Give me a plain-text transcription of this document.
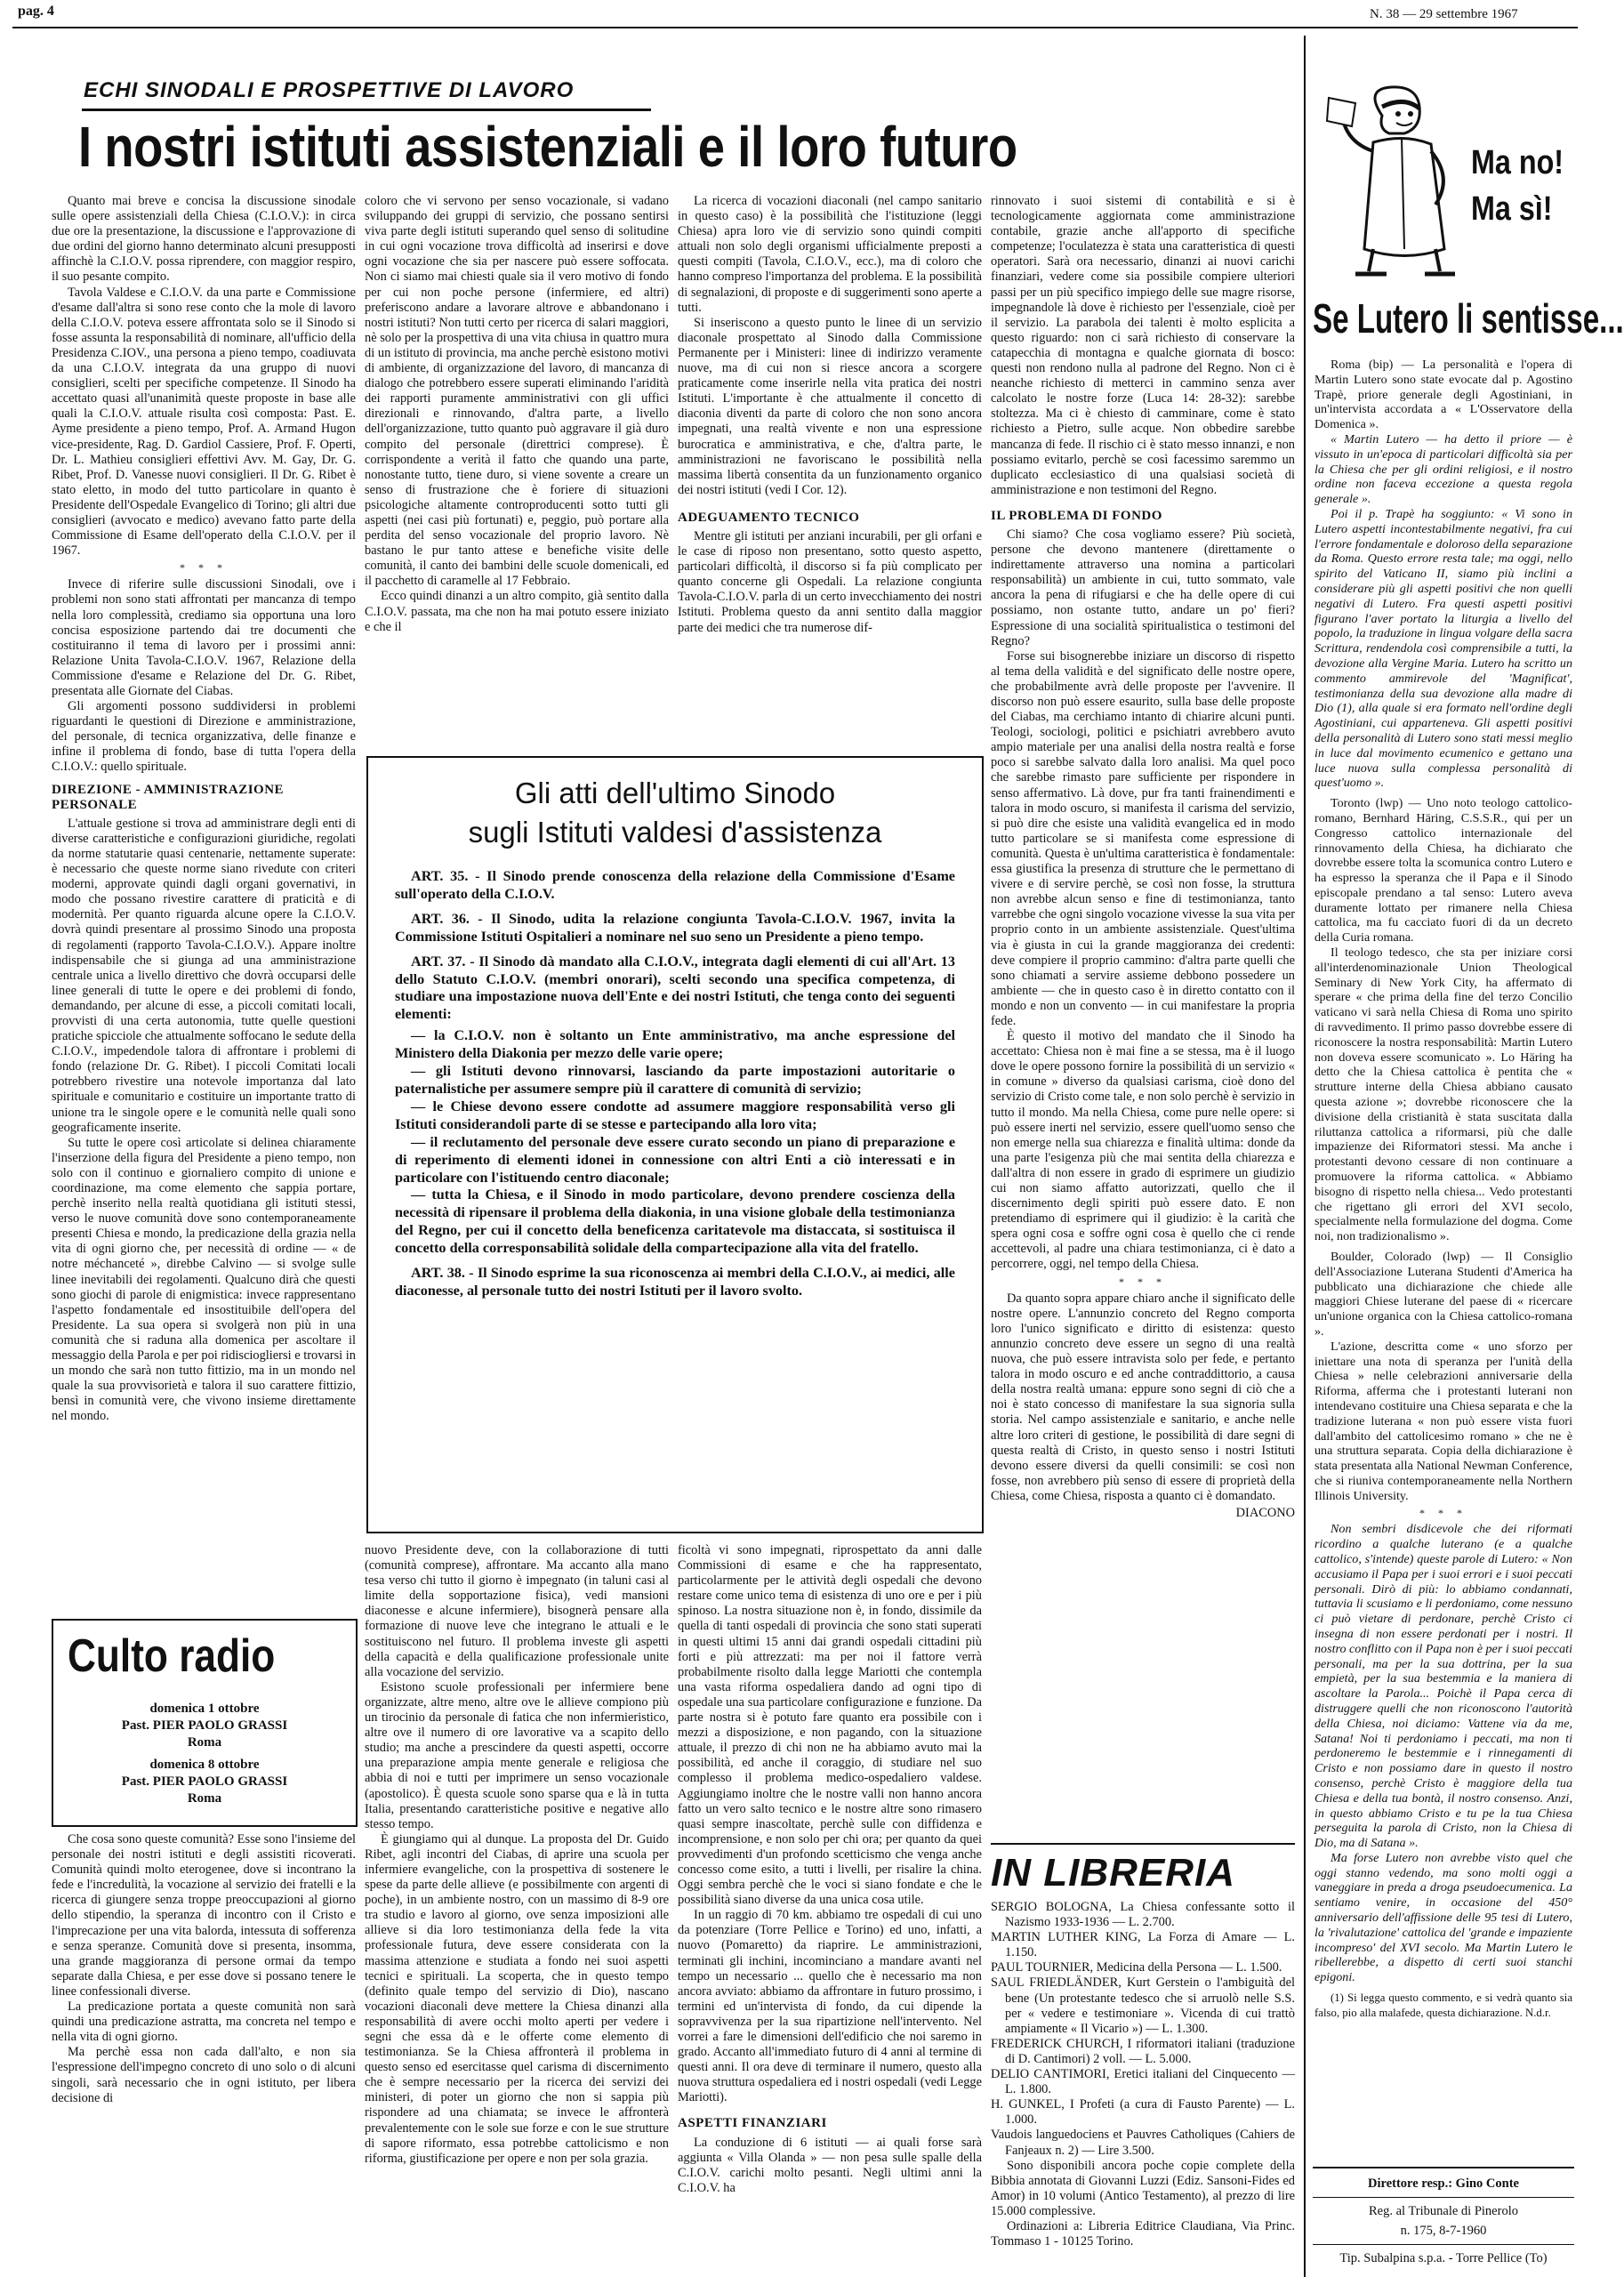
pag. 4	N. 38 — 29 settembre 1967
ECHI SINODALI E PROSPETTIVE DI LAVORO
I nostri istituti assistenziali e il loro futuro

Quanto mai breve e concisa la discussione sinodale sulle opere assistenziali della Chiesa (C.I.O.V.): in circa due ore la presentazione, la discussione e l'approvazione di due ordini del giorno hanno determinato alcuni presupposti affinchè la C.I.O.V. possa riprendere, con maggior respiro, il suo pesante compito.

Tavola Valdese e C.I.O.V. da una parte e Commissione d'esame dall'altra si sono rese conto che la mole di lavoro della C.I.O.V. poteva essere affrontata solo se il Sinodo si fosse assunta la responsabilità di nominare, all'ufficio della Presidenza C.IOV., una persona a pieno tempo, coadiuvata da una C.I.O.V. integrata da una gruppo di nuovi consiglieri, scelti per specifiche competenze. Il Sinodo ha accettato quasi all'unanimità queste proposte in base alle quali la C.I.O.V. attuale risulta così composta: Past. E. Ayme presidente a pieno tempo, Prof. A. Armand Hugon vice-presidente, Rag. D. Gardiol Cassiere, Prof. F. Operti, Dr. L. Mathieu consiglieri effettivi Avv. M. Gay, Dr. G. Ribet, Prof. D. Vanesse nuovi consiglieri. Il Dr. G. Ribet è stato eletto, in modo del tutto particolare in quanto è Presidente dell'Ospedale Evangelico di Torino; gli altri due consiglieri (avvocato e medico) avevano fatto parte della Commissione di Esame dell'operato della C.I.O.V. per il 1967.

* * *

Invece di riferire sulle discussioni Sinodali, ove i problemi non sono stati affrontati per mancanza di tempo nella loro complessità, crediamo sia opportuna una loro concisa esposizione partendo dai tre documenti che costituiranno il tema di lavoro per i prossimi anni: Relazione Unita Tavola-C.I.O.V. 1967, Relazione della Commissione d'esame e Relazione del Dr. G. Ribet, presentata alle Giornate del Ciabas.

Gli argomenti possono suddividersi in problemi riguardanti le questioni di Direzione e amministrazione, del personale, di tecnica organizzativa, delle finanze e infine il problema di fondo, base di tutta l'opera della C.I.O.V.: quello spirituale.

DIREZIONE - AMMINISTRAZIONE PERSONALE

L'attuale gestione si trova ad amministrare degli enti di diverse caratteristiche e configurazioni giuridiche, regolati da norme statutarie quasi centenarie, nettamente superate: è necessario che queste norme siano rivedute con criteri moderni, approvate quindi dagli organi governativi, in modo che possano rivestire carattere di praticità e di modernità. Per quanto riguarda alcune opere la C.I.O.V. dovrà quindi presentare al prossimo Sinodo una proposta di regolamenti (rapporto Tavola-C.I.O.V.). Appare inoltre indispensabile che si giunga ad una amministrazione centrale unica a livello direttivo che dovrà occuparsi delle linee generali di tutte le opere e dei problemi di fondo, demandando, per alcune di esse, a piccoli comitati locali, provvisti di una certa autonomia, tutte quelle questioni pratiche spicciole che attualmente soffocano le sedute della C.I.O.V., impedendole talora di affrontare i problemi di fondo (relazione Dr. G. Ribet). I piccoli Comitati locali potrebbero rivestire una notevole importanza dal lato spirituale e comunitario e costituire un importante tratto di unione tra le singole opere e le comunità nelle quali sono geograficamente inserite.

Su tutte le opere così articolate si delinea chiaramente l'inserzione della figura del Presidente a pieno tempo, non solo con il continuo e giornaliero compito di unione e coordinazione, ma come elemento che sappia portare, perchè inserito nella realtà quotidiana gli istituti stessi, verso le nuove comunità dove sono contemporaneamente presenti Chiesa e mondo, la predicazione della grazia nella vita di ogni giorno che, per necessità di ordine — « de notre méchanceté », direbbe Calvino — si svolge sulle linee inevitabili dei regolamenti. Qualcuno dirà che questi sono giochi di parole di enigmistica: invece rappresentano l'aspetto fondamentale ed insostituibile dell'opera del Presidente. La sua opera si svolgerà non più in una comunità che si raduna alla domenica per ascoltare il messaggio della Parola e per poi ridisciogliersi e trovarsi in un mondo che sarà non tutto fittizio, ma in un mondo nel quale la sua provvisorietà e talora il suo carattere fittizio, bensì in comunità vere, che vivono insieme direttamente nel mondo.

Culto radio
domenica 1 ottobre
Past. PIER PAOLO GRASSI
Roma
domenica 8 ottobre
Past. PIER PAOLO GRASSI
Roma

Che cosa sono queste comunità? Esse sono l'insieme del personale dei nostri istituti e degli assistiti ricoverati. Comunità quindi molto eterogenee, dove si incontrano la fede e l'incredulità, la vocazione al servizio dei fratelli e la ricerca di giungere senza troppe preoccupazioni al giorno dello stipendio, la speranza di incontro con il Cristo e l'imprecazione per una vita balorda, intessuta di sofferenza e senza speranze. Comunità dove si presenta, insomma, una grande maggioranza di persone ormai da tempo separate dalla Chiesa, e per esse dove si possano tenere le linee confessionali diverse.

La predicazione portata a queste comunità non sarà quindi una predicazione astratta, ma concreta nel tempo e nella vita di ogni giorno.

Ma perchè essa non cada dall'alto, e non sia l'espressione dell'impegno concreto di uno solo o di alcuni singoli, sarà necessario che in ogni istituto, per libera decisione di

coloro che vi servono per senso vocazionale, si vadano sviluppando dei gruppi di servizio, che possano sentirsi viva parte degli istituti superando quel senso di solitudine in cui ogni vocazione trova difficoltà ad inserirsi e dove ogni vocazione che sia per nascere può essere soffocata. Non ci siamo mai chiesti quale sia il vero motivo di fondo per cui non poche persone (infermiere, ed altri) preferiscono andare a lavorare altrove e abbandonano i nostri istituti? Non tutti certo per ricerca di salari maggiori, nè solo per la prospettiva di una vita chiusa in quattro mura di un istituto di provincia, ma anche perchè esistono motivi di ambiente, di organizzazione del lavoro, di mancanza di dialogo che potrebbero essere superati eliminando l'aridità dei rapporti puramente amministrativi con gli uffici direzionali e rinnovando, d'altra parte, a livello dell'organizzazione, tutto quanto può aggravare il già duro compito del personale (direttrici comprese). È corrispondente a verità il fatto che quando una parte, nonostante tutto, tiene duro, si viene sovente a creare un senso di frustrazione che è foriere di situazioni psicologiche altamente controproducenti sotto tutti gli aspetti (nei casi più fortunati) e, peggio, può portare alla perdita del senso vocazionale del proprio lavoro. Nè bastano le pur tanto attese e benefiche visite delle comunità, il canto dei bambini delle scuole domenicali, ed il pacchetto di caramelle al 17 Febbraio.

Ecco quindi dinanzi a un altro compito, già sentito dalla C.I.O.V. passata, ma che non ha mai potuto essere iniziato e che il

La ricerca di vocazioni diaconali (nel campo sanitario in questo caso) è la possibilità che l'istituzione (leggi Chiesa) apra loro vie di servizio sono quindi compiti attuali non solo degli organismi ufficialmente preposti a questi compiti (Tavola, C.I.O.V., ecc.), ma di coloro che hanno compreso l'importanza del problema. E la possibilità di segnalazioni, di proposte e di suggerimenti sono aperte a tutti.

Si inseriscono a questo punto le linee di un servizio diaconale prospettato al Sinodo dalla Commissione Permanente per i Ministeri: linee di indirizzo veramente nuove, ma di cui non si riesce ancora a scorgere praticamente come inserirle nella vita pratica dei nostri Istituti. L'importante è che attualmente il concetto di diaconia diventi da parte di coloro che non sono ancora impegnati, una realtà vivente e non una espressione burocratica e amministrativa, e che, d'altra parte, le amministrazioni ne favoriscano le possibilità nella massima libertà consentita da un funzionamento organico dei nostri istituti (vedi I Cor. 12).

ADEGUAMENTO TECNICO

Mentre gli istituti per anziani incurabili, per gli orfani e le case di riposo non presentano, sotto questo aspetto, particolari difficoltà, il discorso si fa più complicato per quanto concerne gli Ospedali. La relazione congiunta Tavola-C.I.O.V. parla di un certo invecchiamento dei nostri Istituti. Problema questo da anni sentito dalla maggior parte dei medici che tra numerose dif-

Gli atti dell'ultimo Sinodo
sugli Istituti valdesi d'assistenza

ART. 35. - Il Sinodo prende conoscenza della relazione della Commissione d'Esame sull'operato della C.I.O.V.

ART. 36. - Il Sinodo, udita la relazione congiunta Tavola-C.I.O.V. 1967, invita la Commissione Istituti Ospitalieri a nominare nel suo seno un Presidente a pieno tempo.

ART. 37. - Il Sinodo dà mandato alla C.I.O.V., integrata dagli elementi di cui all'Art. 13 dello Statuto C.I.O.V. (membri onorari), scelti secondo una specifica competenza, di studiare una impostazione nuova dell'Ente e dei nostri Istituti, che tenga conto dei seguenti elementi:

— la C.I.O.V. non è soltanto un Ente amministrativo, ma anche espressione del Ministero della Diakonia per mezzo delle varie opere;

— gli Istituti devono rinnovarsi, lasciando da parte impostazioni autoritarie o paternalistiche per assumere sempre più il carattere di comunità di servizio;

— le Chiese devono essere condotte ad assumere maggiore responsabilità verso gli Istituti considerandoli parte di se stesse e partecipando alla loro vita;

— il reclutamento del personale deve essere curato secondo un piano di preparazione e di reperimento di elementi idonei in connessione con altri Enti a ciò interessati e in particolare con l'istituendo centro diaconale;

— tutta la Chiesa, e il Sinodo in modo particolare, devono prendere coscienza della necessità di ripensare il problema della diakonia, in una visione globale della testimonianza del Regno, per cui il concetto della beneficenza caritatevole ma distaccata, si sostituisca il concetto della corresponsabilità solidale della compartecipazione alla vita del fratello.

ART. 38. - Il Sinodo esprime la sua riconoscenza ai membri della C.I.O.V., ai medici, alle diaconesse, al personale tutto dei nostri Istituti per il lavoro svolto.

nuovo Presidente deve, con la collaborazione di tutti (comunità comprese), affrontare. Ma accanto alla mano tesa verso chi tutto il giorno è impegnato (in taluni casi al limite della sopportazione fisica), vedi mansioni diaconesse e alcune infermiere), bisognerà pensare alla formazione di nuove leve che integrano le attuali e le sostituiscono nel futuro. Il problema investe gli aspetti della capacità e della qualificazione professionale unite alla vocazione del servizio.

Esistono scuole professionali per infermiere bene organizzate, altre meno, altre ove le allieve compiono più un tirocinio da personale di fatica che non infermieristico, altre ove il numero di ore lavorative va a scapito dello studio; ma anche a prescindere da questi aspetti, occorre una preparazione ampia mente generale e religiosa che abbia di noi e tutti per imprimere un senso vocazionale (apostolico). È questa scuole sono sparse qua e là in tutta Italia, presentando caratteristiche positive e negative allo stesso tempo.

È giungiamo qui al dunque. La proposta del Dr. Guido Ribet, agli incontri del Ciabas, di aprire una scuola per infermiere evangeliche, con la prospettiva di sostenere le spese da parte delle allieve (e possibilmente con argenti di poche), in un ambiente nostro, con un massimo di 8-9 ore tra studio e lavoro al giorno, ove senza imposizioni alle allieve si dia loro testimonianza della fede la vita professionale futura, deve essere considerata con la massima attenzione e studiata a fondo nei suoi aspetti tecnici e spirituali. La scoperta, che in questo tempo (definito quale tempo del servizio di Dio), nascano vocazioni diaconali deve mettere la Chiesa dinanzi alla responsabilità di avere occhi molto aperti per vedere i segni che essa dà e le offerte come elemento di testimonianza. Se la Chiesa affronterà il problema in questo senso ed esercitasse quel carisma di discernimento che è sempre necessario per la ricerca dei servizi dei ministeri, di poter un giorno che non si sappia più rispondere ad una chiamata; se invece le affronterà prevalentemente con le sole sue forze e con le sue strutture di sapore riformato, essa potrebbe cattolicismo e non riforma, giustificazione per opere e non per sola grazia.

ficoltà vi sono impegnati, riprospettato da anni dalle Commissioni di esame e che ha rappresentato, particolarmente per le attività degli ospedali che devono restare come unico tema di esistenza di uno ore e per i più spinoso. La nostra situazione non è, in fondo, dissimile da quella di tanti ospedali di provincia che sono stati superati in questi ultimi 15 anni dai grandi ospedali cittadini più forti e più attrezzati: ma per noi il fattore verrà probabilmente risolto dalla legge Mariotti che contempla una vasta riforma ospedaliera dando ad ogni tipo di ospedale una sua particolare configurazione e funzione. Da parte nostra si è potuto fare quanto era possibile con i mezzi a disposizione, e non pagando, con la situazione attuale, il prezzo di chi non ne ha abbiamo avuto mai la possibilità, ed anche il coraggio, di studiare nel suo complesso il problema medico-ospedaliero valdese. Aggiungiamo inoltre che le nostre valli non hanno ancora fatto un vero salto tecnico e le nostre altre sono rimasero quasi sempre inascoltate, perchè sulle con diffidenza e incomprensione, e non solo per chi ora; per quanto da quei provvedimenti d'un profondo scetticismo che venga anche concesso come esito, a tutti i livelli, per risalire la china. Oggi sembra perchè che le voci si siano fondate e che le possibilità siano diverse da una unica cosa utile.

In un raggio di 70 km. abbiamo tre ospedali di cui uno da potenziare (Torre Pellice e Torino) ed uno, infatti, a nuovo (Pomaretto) da riaprire. Le amministrazioni, terminati gli inchini, incominciano a mandare avanti nel tempo un necessario ... quello che è necessario ma non ancora avviato: abbiamo da affrontare in futuro prossimo, i termini ed un'intervista di fondo, da cui dipende la sopravvivenza per la sua ripartizione nell'intervento. Nel vorrei a fare le dimensioni dell'edificio che noi saremo in grado. Accanto all'immediato futuro di 4 anni al termine di questi anni. Il ora deve di terminare il numero, questo alla nuova struttura ospedaliera ed i nostri ospedali (vedi Legge Mariotti).

ASPETTI FINANZIARI

La conduzione di 6 istituti — ai quali forse sarà aggiunta « Villa Olanda » — non pesa sulle spalle della C.I.O.V. carichi molto pesanti. Negli ultimi anni la C.I.O.V. ha

rinnovato i suoi sistemi di contabilità e si è tecnologicamente aggiornata come amministrazione contabile, grazie anche all'apporto di specifiche competenze; l'oculatezza è stata una caratteristica di questi operatori. Sarà ora necessario, dinanzi ai nuovi carichi finanziari, vedere come sia possibile compiere ulteriori passi per un più specifico impiego delle sue magre risorse, impegnandole là dove è richiesto per l'essenziale, cioè per il servizio. La parabola dei talenti è molto esplicita a questo riguardo: non ci sarà richiesto di conservare la catapecchia di montagna e qualche giornata di bosco: questi non rendono nulla al padrone del Regno. Non ci è neanche richiesto di metterci in cammino senza aver calcolato le nostre forze (Luca 14: 28-32): sarebbe stoltezza. Ma ci è chiesto di camminare, come è stato richiesto a Pietro, sulle acque. Non obbedire sarebbe mancanza di fede. Il rischio ci è stato messo innanzi, e non possiamo evitarlo, perchè se così facessimo saremmo un duplicato ecclesiastico di una qualsiasi società di amministrazione e non testimoni del Regno.

IL PROBLEMA DI FONDO

Chi siamo? Che cosa vogliamo essere? Più società, persone che devono mantenere (direttamente o indirettamente attraverso una nomina a particolari responsabilità) un ambiente in cui, tutto sommato, vale ancora la pena di rifugiarsi e che ha delle opere di cui possiamo, non ostante tutto, andare un po' fieri? Espressione di una socialità spiritualistica o testimoni del Regno?

Forse sui bisognerebbe iniziare un discorso di rispetto al tema della validità e del significato delle nostre opere, che probabilmente avrà delle proposte per l'avvenire. Il discorso non può essere esaurito, sulla base delle proposte del Ciabas, ma cerchiamo intanto di chiarire alcuni punti. Teologi, sociologi, politici e psichiatri avrebbero avuto ampio materiale per una analisi della nostra realtà e forse poco si sarebbe salvato dalla loro analisi. Ma quel poco che sarebbe rimasto pare sufficiente per rispondere in senso affermativo. Là dove, pur fra tanti frainendimenti e talora in modo oscuro, si manifesta il carisma del servizio, si può dire che esiste una validità evangelica ed in modo tutto particolare se si manifesta come espressione di comunità. Questa è un'ultima caratteristica è fondamentale: essa giustifica la presenza di strutture che le permettano di vivere e di servire perchè, se così non fosse, la struttura non avrebbe alcun senso e fine di testimonianza, tanto varrebbe che ogni singolo vocazione vivesse la sua vita per proprio conto in un ambiente assistenziale. Quest'ultima via è giusta in cui la grande maggioranza dei credenti: deve compiere il proprio cammino: d'altra parte quelli che sono chiamati a servire assieme debbono possedere un ambiente — che in questo caso è in diretto contatto con il mondo e non un convento — in cui manifestare la propria fede.

È questo il motivo del mandato che il Sinodo ha accettato: Chiesa non è mai fine a se stessa, ma è il luogo dove le opere possono fornire la possibilità di un servizio « in comune » diverso da qualsiasi carisma, cioè dono del servizio di Cristo come tale, e non solo perchè è servizio in tutto il mondo. Ma nella Chiesa, come pure nelle opere: si può essere inerti nel servizio, essere quell'uomo senso che non emerge nella sua chiarezza e finalità ultima: donde da una parte l'esigenza più che mai sentita della chiarezza e dall'altra di non essere in grado di esprimere un giudizio cui non siamo affatto autorizzati, quello che il discernimento degli spiriti può essere dato. E non pretendiamo di esprimere qui il giudizio: è la carità che spera ogni cosa e soffre ogni cosa è quello che ci rende accettevoli, al padre una chiara testimonianza, ci è dato a percorrere, oggi, nel tempo della Chiesa.

* * *

Da quanto sopra appare chiaro anche il significato delle nostre opere. L'annunzio concreto del Regno comporta loro l'unico significato e diritto di esistenza: questo annunzio concreto deve essere un segno di una realtà nuova, che può essere intravista solo per fede, e pertanto talora in modo oscuro e ed anche contraddittorio, a causa della nostra realtà umana: eppure sono segni di ciò che a noi è stato concesso di manifestare la sua signoria sulla storia. Nel campo assistenziale e sanitario, e anche nelle altre loro criteri di gestione, le possibilità di dare segni di questa realtà di Cristo, in questo senso i nostri Istituti devono essere diversi da quelli consimili: se così non fosse, non avrebbero più senso di essere di proprietà della Chiesa, come Chiesa, risposta a quanto ci è domandato.

DIACONO
IN LIBRERIA

SERGIO BOLOGNA, La Chiesa confessante sotto il Nazismo 1933-1936 — L. 2.700.

MARTIN LUTHER KING, La Forza di Amare — L. 1.150.

PAUL TOURNIER, Medicina della Persona — L. 1.500.

SAUL FRIEDLÄNDER, Kurt Gerstein o l'ambiguità del bene (Un protestante tedesco che si arruolò nelle S.S. per « vedere e testimoniare ». Vicenda di cui trattò ampiamente « Il Vicario ») — L. 1.300.

FREDERICK CHURCH, I riformatori italiani (traduzione di D. Cantimori) 2 voll. — L. 5.000.

DELIO CANTIMORI, Eretici italiani del Cinquecento — L. 1.800.

H. GUNKEL, I Profeti (a cura di Fausto Parente) — L. 1.000.

Vaudois languedociens et Pauvres Catholiques (Cahiers de Fanjeaux n. 2) — Lire 3.500.

Sono disponibili ancora poche copie complete della Bibbia annotata di Giovanni Luzzi (Ediz. Sansoni-Fides ed Amor) in 10 volumi (Antico Testamento), al prezzo di lire 15.000 complessive.

Ordinazioni a: Libreria Editrice Claudiana, Via Princ. Tommaso 1 - 10125 Torino.

Ma no!
Ma sì!
Se Lutero li sentisse...

Roma (bip) — La personalità e l'opera di Martin Lutero sono state evocate dal p. Agostino Trapè, priore generale degli Agostiniani, in un'intervista accordata a « L'Osservatore della Domenica ».

« Martin Lutero — ha detto il priore — è vissuto in un'epoca di particolari difficoltà sia per la Chiesa che per gli ordini religiosi, e il nostro ordine non faceva eccezione a questa regola generale ».

Poi il p. Trapè ha soggiunto: « Vi sono in Lutero aspetti incontestabilmente negativi, fra cui l'errore fondamentale e doloroso della separazione da Roma. Questo errore resta tale; ma oggi, nello spirito del Vaticano II, siamo più inclini a considerare più gli aspetti positivi che non quelli negativi di Lutero. Fra questi aspetti positivi figurano l'aver portato la liturgia a livello del popolo, la traduzione in lingua volgare della sacra Scrittura, rendendola così comprensibile a tutti, la devozione alla Vergine Maria. Lutero ha scritto un commento ammirevole del 'Magnificat', testimonianza della sua devozione alla madre di Dio (1), alla quale si era formato nell'ordine degli Agostiniani, cui apparteneva. Gli aspetti positivi della personalità di Lutero sono stati messi meglio in luce dal movimento ecumenico e gettano una luce nuova sulla complessa personalità di quest'uomo ».

Toronto (lwp) — Uno noto teologo cattolico-romano, Bernhard Häring, C.S.S.R., qui per un Congresso cattolico internazionale del rinnovamento della Chiesa, ha dichiarato che dovrebbe essere tolta la scomunica contro Lutero e ha espresso la speranza che il Papa e il Sinodo episcopale prendano a tal senso: Lutero aveva duramente lottato per rimanere nella Chiesa cattolica, ma fu cacciato fuori di da un decreto della Curia romana.

Il teologo tedesco, che sta per iniziare corsi all'interdenominazionale Union Theological Seminary di New York City, ha affermato di sperare « che prima della fine del terzo Concilio vaticano vi sarà nella Chiesa di Roma uno spirito di ravvedimento. Il primo passo dovrebbe essere di riconoscere la nostra responsabilità: Martin Lutero non doveva essere scomunicato ». Lo Häring ha detto che la Chiesa cattolica è pentita che « strutture interne della Chiesa abbiano causato questa azione »; dovrebbe riconoscere che la divisione della cristianità è stata suscitata dalla riluttanza cattolica a riformarsi, più che dalle impazienze dei Riformatori stessi. Ma anche i protestanti devono cessare di non continuare a promuovere la riforma cattolica. « Abbiamo bisogno di rispetto nella chiesa... Vedo protestanti che rigettano gli errori del XVI secolo, specialmente nella formulazione del dogma. Come noi, non tradizionalismo ».

Boulder, Colorado (lwp) — Il Consiglio dell'Associazione Luterana Studenti d'America ha pubblicato una dichiarazione che chiede alle maggiori Chiese luterane del paese di « ricercare un'unione organica con la Chiesa cattolico-romana ».

L'azione, descritta come « uno sforzo per iniettare una nota di speranza per l'unità della Chiesa » nelle celebrazioni anniversarie della Riforma, afferma che i protestanti luterani non intendevano costituire una Chiesa separata e che la tradizione luterana « non può essere vista fuori dall'ambito del cattolicesimo romano » che ne è una struttura separata. Copia della dichiarazione è stata presentata alla National Newman Conference, che si riuniva contemporaneamente nella Northern Illinois University.

* * *

Non sembri disdicevole che dei riformati ricordino a qualche luterano (e a qualche cattolico, s'intende) queste parole di Lutero: « Non accusiamo il Papa per i suoi errori e i suoi peccati personali. Dirò di più: lo abbiamo condannati, tuttavia li scusiamo e li perdoniamo, come nessuno ci può vietare di perdonare, perchè Cristo ci insegna di non essere perdonati per i nostri. Il nostro conflitto con il Papa non è per i suoi peccati personali, ma per la sua dottrina, per la sua empietà, per la sua bestemmia e la maniera di ascoltare la Parola... Poichè il Papa cerca di distruggere quelli che non riconoscono l'autorità della Chiesa, noi diciamo: Vattene via da me, Satana! Noi ti perdoniamo i peccati, ma non ti perdoneremo le bestemmie e i rinnegamenti di Cristo e non possiamo dare in questo il nostro consenso, perchè Cristo è maggiore della tua Chiesa e della tua bontà, il nostro consenso. Anzi, in questo abbiamo Cristo e tu pe la tua Chiesa perseguita la parola di Cristo, non la Chiesa di Dio, ma di Satana ».

Ma forse Lutero non avrebbe visto quel che oggi stanno vedendo, ma sono molti oggi a vaneggiare in preda a droga pseudoecumenica. La sentiamo venire, in occasione del 450° anniversario dell'affissione delle 95 tesi di Lutero, la 'rivalutazione' cattolica del 'grande e impaziente incompreso' del XVI secolo. Ma Martin Lutero le ribellerebbe, a dispetto di certi suoi stanchi epigoni.

(1) Si legga questo commento, e si vedrà quanto sia falso, pio alla malafede, questa dichiarazione. N.d.r.

Direttore resp.: Gino Conte
Reg. al Tribunale di Pinerolo
n. 175, 8-7-1960
Tip. Subalpina s.p.a. - Torre Pellice (To)
